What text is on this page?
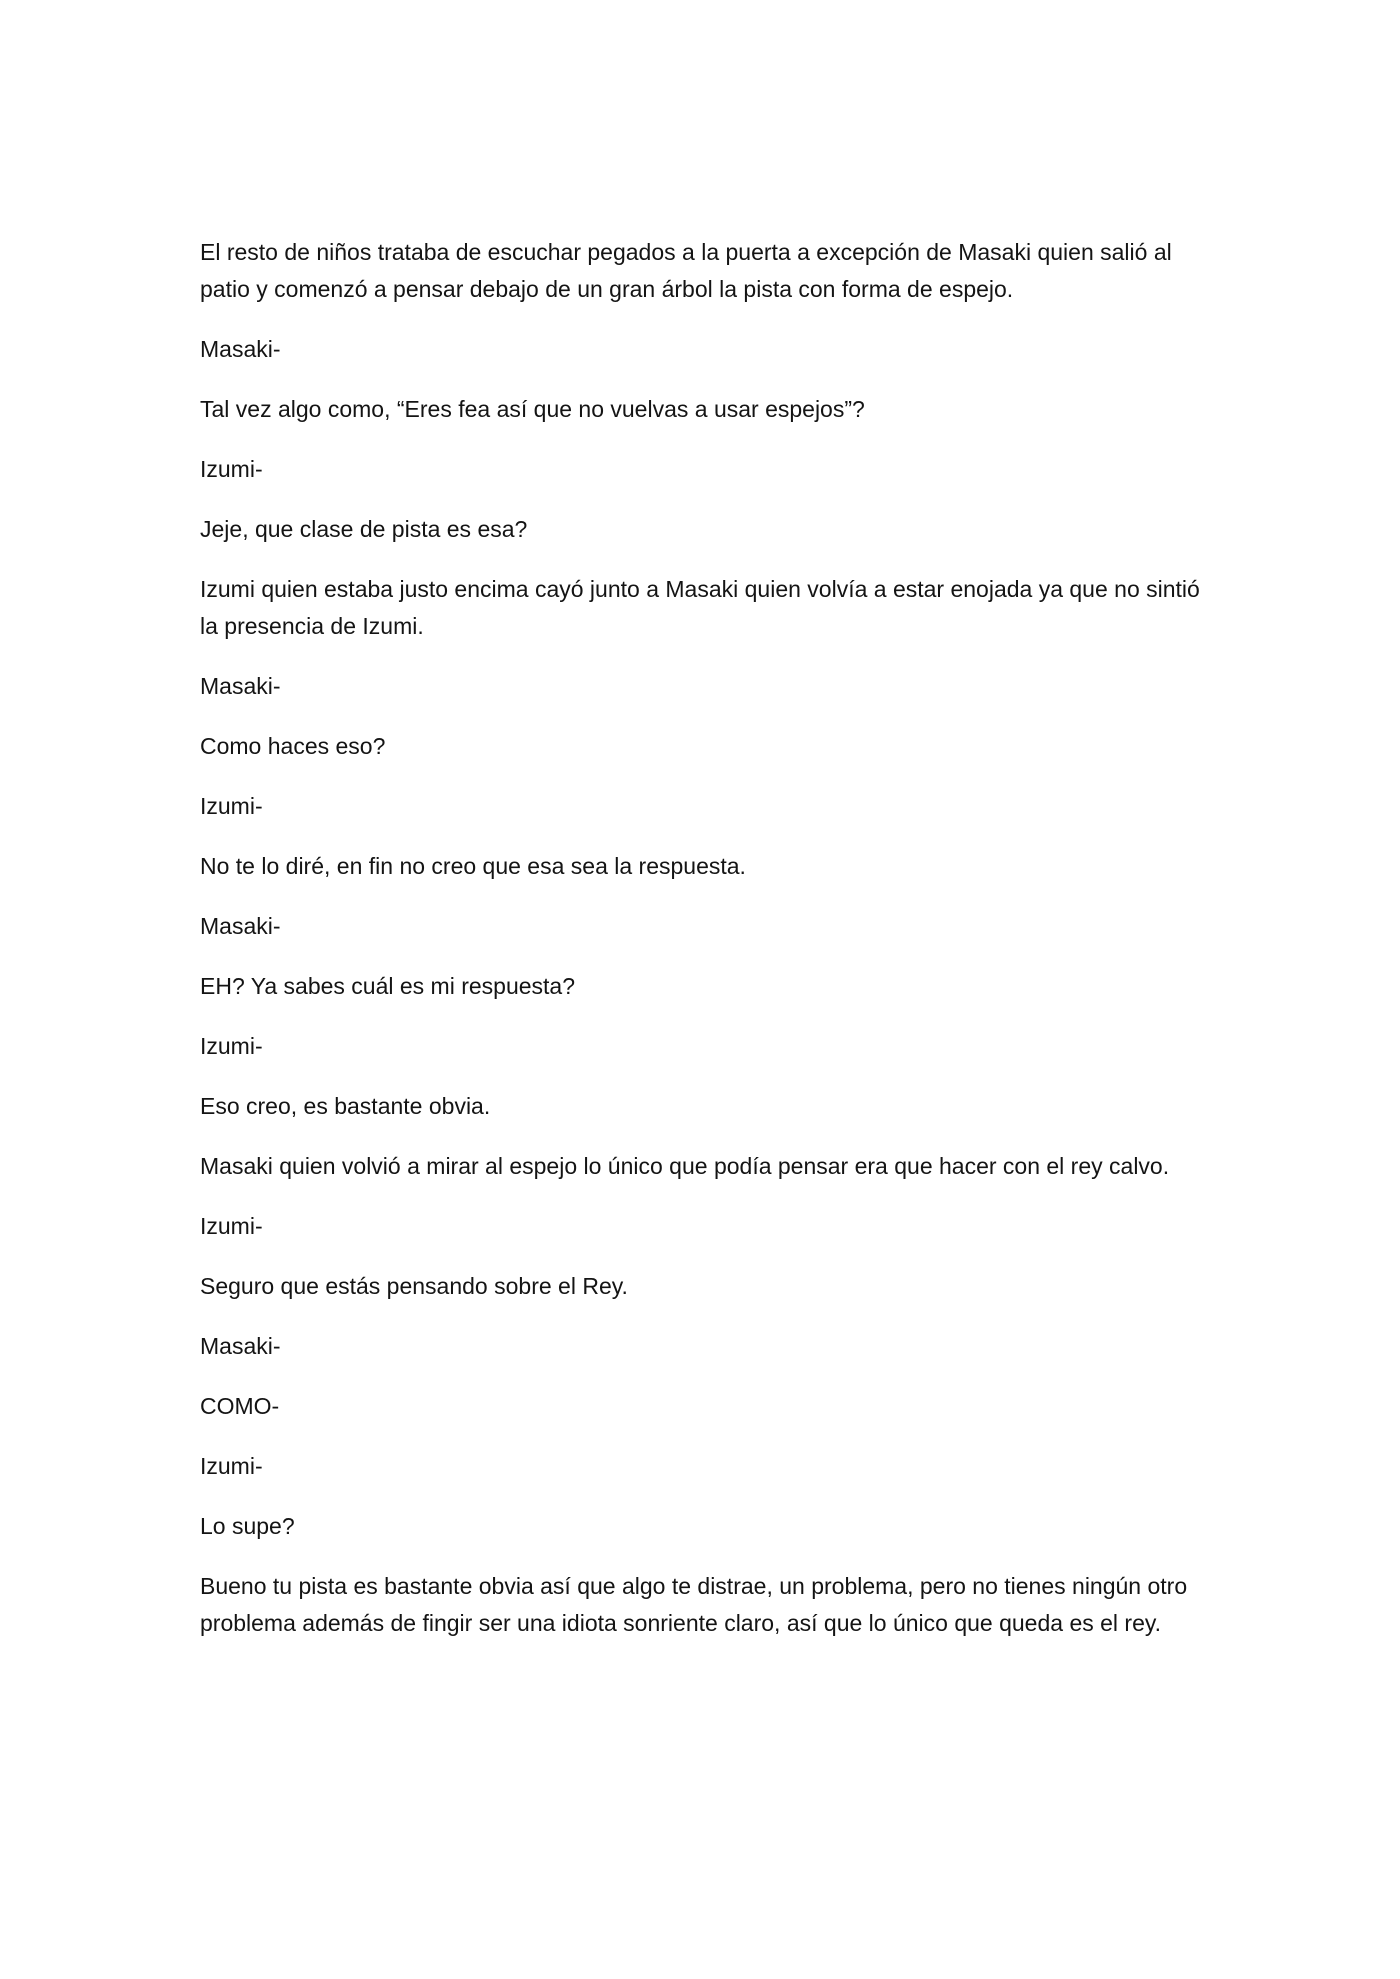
El resto de niños trataba de escuchar pegados a la puerta a excepción de Masaki quien salió al patio y comenzó a pensar debajo de un gran árbol la pista con forma de espejo.

Masaki-

Tal vez algo como, “Eres fea así que no vuelvas a usar espejos”?

Izumi-

Jeje, que clase de pista es esa?

Izumi quien estaba justo encima cayó junto a Masaki quien volvía a estar enojada ya que no sintió la presencia de Izumi.

Masaki-

Como haces eso?

Izumi-

No te lo diré, en fin no creo que esa sea la respuesta.

Masaki-

EH? Ya sabes cuál es mi respuesta?

Izumi-

Eso creo, es bastante obvia.

Masaki quien volvió a mirar al espejo lo único que podía pensar era que hacer con el rey calvo.

Izumi-

Seguro que estás pensando sobre el Rey.

Masaki-

COMO-

Izumi-

Lo supe?

Bueno tu pista es bastante obvia así que algo te distrae, un problema, pero no tienes ningún otro problema además de fingir ser una idiota sonriente claro, así que lo único que queda es el rey.
